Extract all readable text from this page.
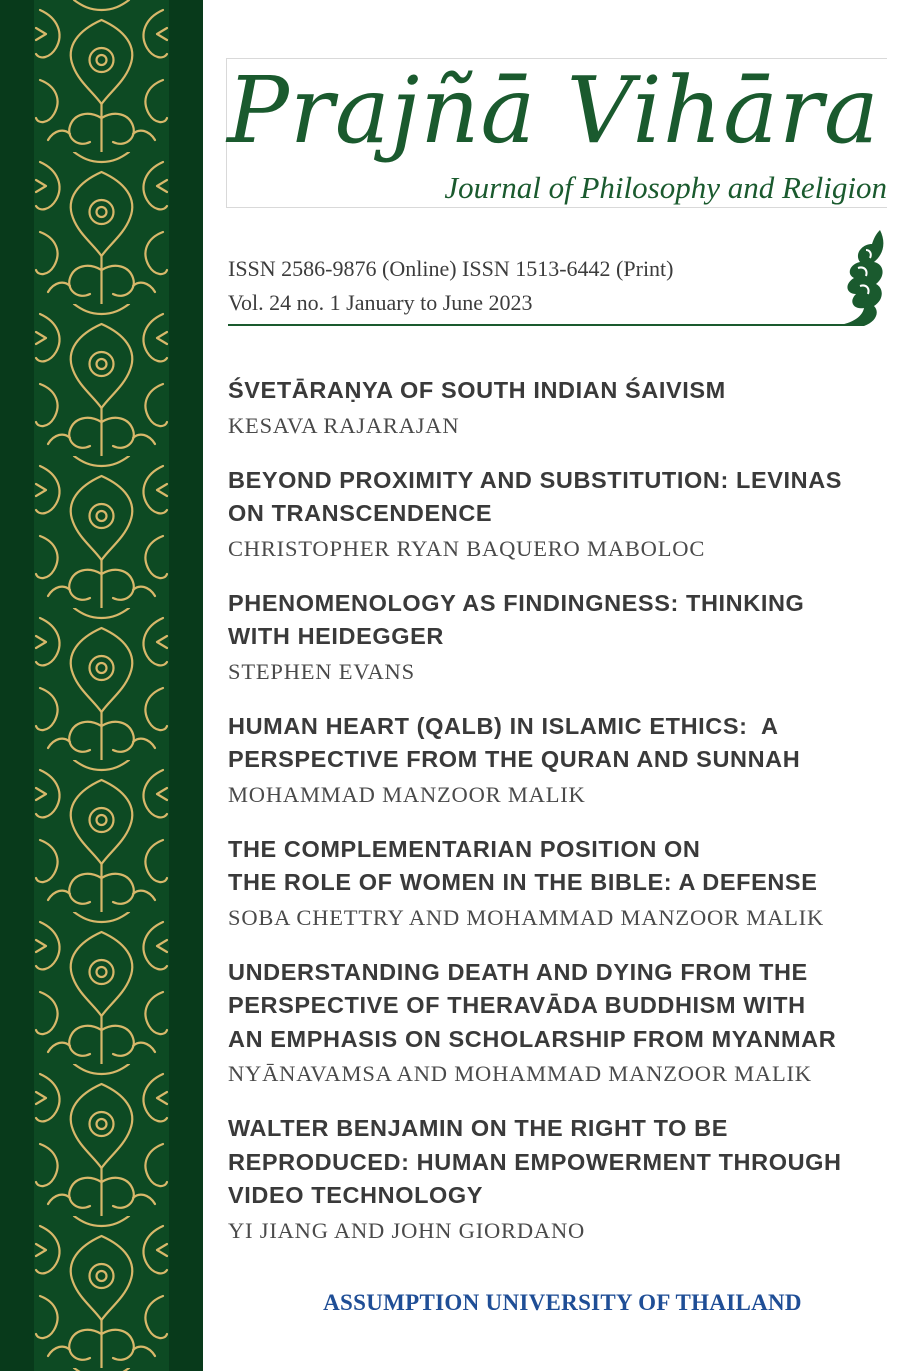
Prajñā Vihāra
Journal of Philosophy and Religion
ISSN 2586-9876 (Online) ISSN 1513-6442 (Print)
Vol. 24 no. 1 January to June 2023
ŚVETĀRAṆYA OF SOUTH INDIAN ŚAIVISM
KESAVA RAJARAJAN
BEYOND PROXIMITY AND SUBSTITUTION: LEVINAS
ON TRANSCENDENCE
CHRISTOPHER RYAN BAQUERO MABOLOC
PHENOMENOLOGY AS FINDINGNESS: THINKING
WITH HEIDEGGER
STEPHEN EVANS
HUMAN HEART (QALB) IN ISLAMIC ETHICS:  A
PERSPECTIVE FROM THE QURAN AND SUNNAH
MOHAMMAD MANZOOR MALIK
THE COMPLEMENTARIAN POSITION ON
THE ROLE OF WOMEN IN THE BIBLE: A DEFENSE
SOBA CHETTRY AND MOHAMMAD MANZOOR MALIK
UNDERSTANDING DEATH AND DYING FROM THE
PERSPECTIVE OF THERAVĀDA BUDDHISM WITH
AN EMPHASIS ON SCHOLARSHIP FROM MYANMAR
NYĀNAVAMSA AND MOHAMMAD MANZOOR MALIK
WALTER BENJAMIN ON THE RIGHT TO BE
REPRODUCED: HUMAN EMPOWERMENT THROUGH
VIDEO TECHNOLOGY
YI JIANG AND JOHN GIORDANO
ASSUMPTION UNIVERSITY OF THAILAND
